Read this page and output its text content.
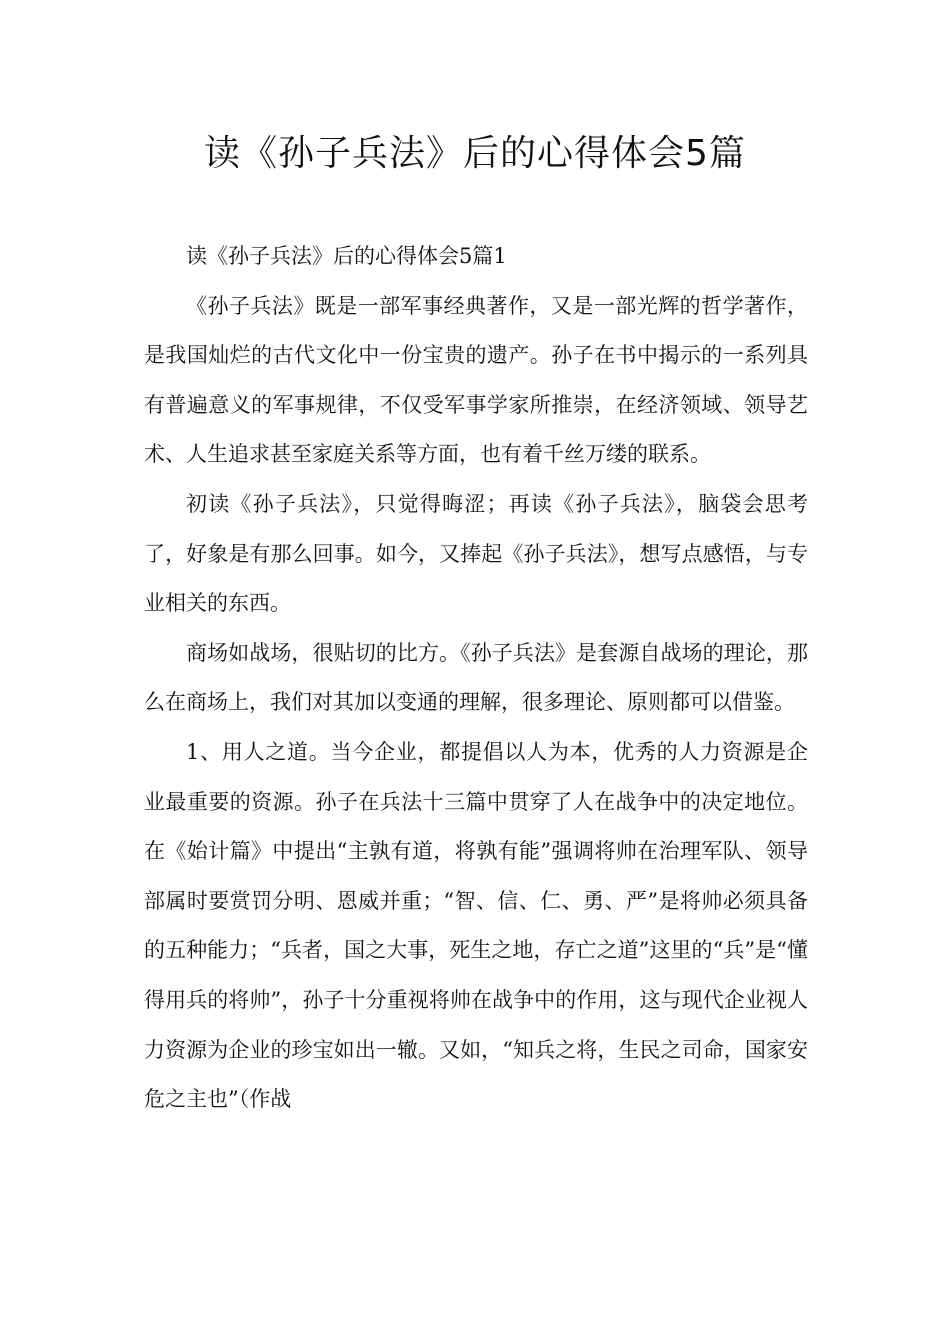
读《孙子兵法》后的心得体会5篇

读《孙子兵法》后的心得体会5篇1

《孙子兵法》既是一部军事经典著作，又是一部光辉的哲学著作，是我国灿烂的古代文化中一份宝贵的遗产。孙子在书中揭示的一系列具有普遍意义的军事规律，不仅受军事学家所推崇，在经济领域、领导艺术、人生追求甚至家庭关系等方面，也有着千丝万缕的联系。

初读《孙子兵法》，只觉得晦涩；再读《孙子兵法》，脑袋会思考了，好象是有那么回事。如今，又捧起《孙子兵法》，想写点感悟，与专业相关的东西。

商场如战场，很贴切的比方。《孙子兵法》是套源自战场的理论，那么在商场上，我们对其加以变通的理解，很多理论、原则都可以借鉴。

1、用人之道。当今企业，都提倡以人为本，优秀的人力资源是企业最重要的资源。孙子在兵法十三篇中贯穿了人在战争中的决定地位。在《始计篇》中提出“主孰有道，将孰有能”强调将帅在治理军队、领导部属时要赏罚分明、恩威并重；“智、信、仁、勇、严”是将帅必须具备的五种能力；“兵者，国之大事，死生之地，存亡之道”这里的“兵”是“懂得用兵的将帅”，孙子十分重视将帅在战争中的作用，这与现代企业视人力资源为企业的珍宝如出一辙。又如，“知兵之将，生民之司命，国家安危之主也”（作战
